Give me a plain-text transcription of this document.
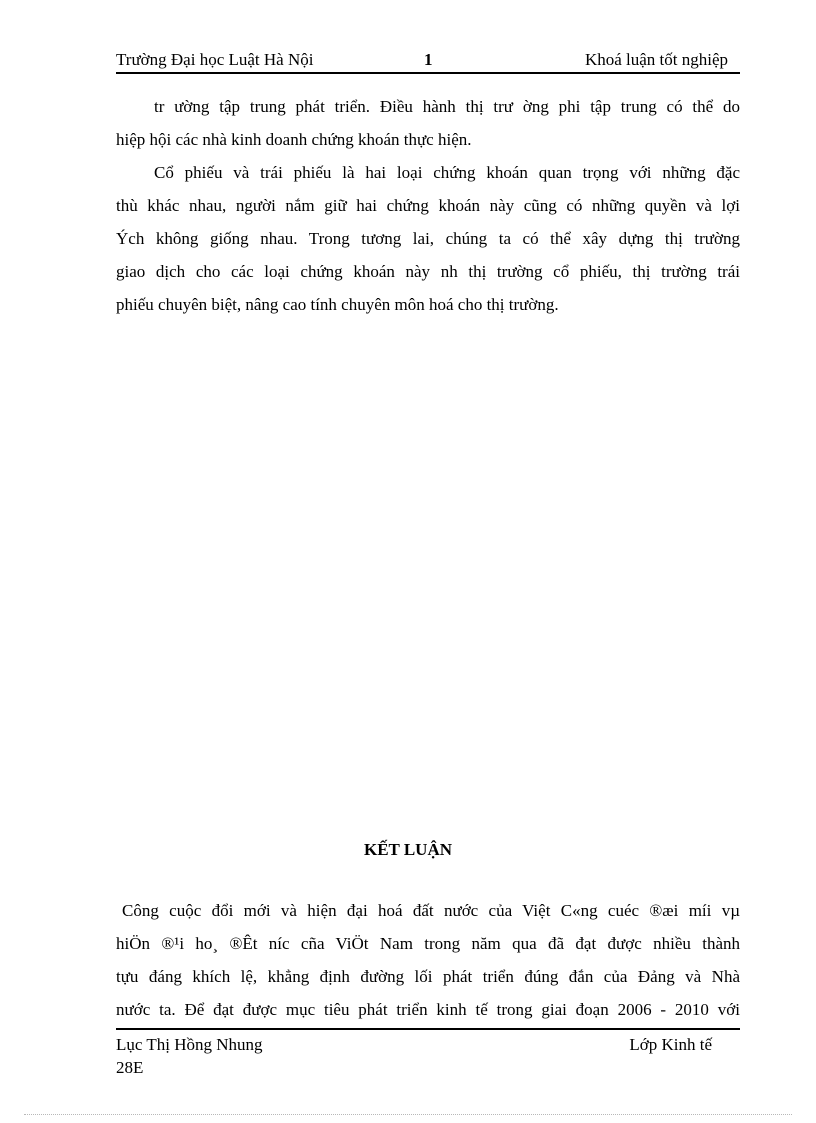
Trường Đại học Luật Hà Nội	1	Khoá luận tốt nghiệp
tr ường tập trung phát triển. Điều hành thị trư ờng phi tập trung có thể do
hiệp hội các nhà kinh doanh chứng khoán thực hiện.
Cổ phiếu và trái phiếu là hai loại chứng khoán quan trọng với những đặc
thù khác nhau, người nắm giữ hai chứng khoán này cũng có những quyền và lợi
Ých không giống nhau. Trong tương lai, chúng ta có thể xây dựng thị trường
giao dịch cho các loại chứng khoán này nh thị trường cổ phiếu, thị trường trái
phiếu chuyên biệt, nâng cao tính chuyên môn hoá cho thị trường.
KẾT LUẬN
Công cuộc đổi mới và hiện đại hoá đất nước của Việt C«ng cuéc ®æi míi vµ
hiÖn ®¹i ho¸ ®Êt níc cña ViÖt Nam trong năm qua đã đạt được nhiều thành
tựu đáng khích lệ, khẳng định đường lối phát triển đúng đắn của Đảng và Nhà
nước ta. Để đạt được mục tiêu phát triển kinh tế trong giai đoạn 2006 - 2010 với
Lục Thị Hồng Nhung	Lớp Kinh tế
28E
